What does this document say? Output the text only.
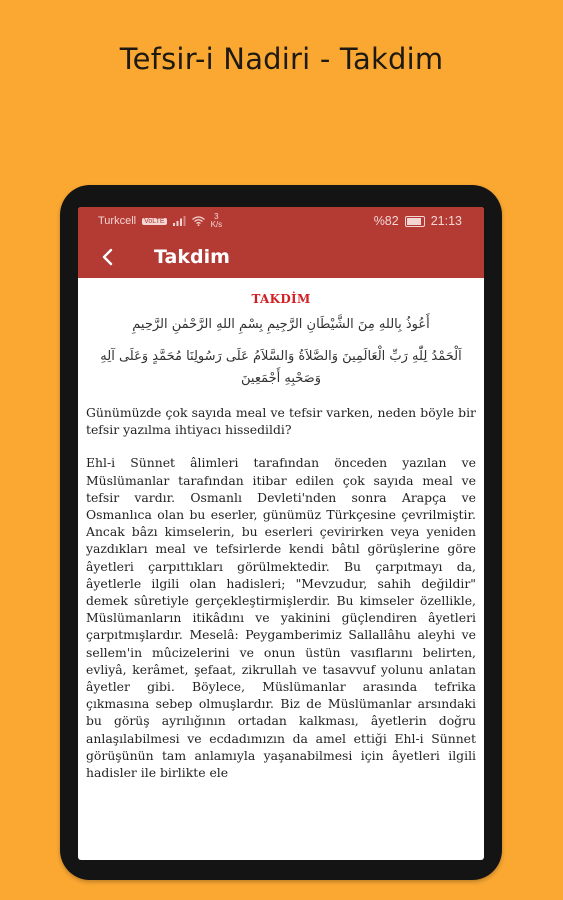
Tefsir-i Nadiri - Takdim
Turkcell VoLTE	3
K/s	%82	21:13
Takdim
TAKDİM
أَعُوذُ بِاللهِ مِنَ الشَّيْطَانِ الرَّجِيمِ بِسْمِ اللهِ الرَّحْمٰنِ الرَّحِيمِ
اَلْحَمْدُ لِلّٰهِ رَبِّ الْعَالَمِينَ وَالصَّلاَةُ وَالسَّلاَمُ عَلَى رَسُولِنَا مُحَمَّدٍ وَعَلَى آلِهِ وَصَحْبِهِ أَجْمَعِينَ

Günümüzde çok sayıda meal ve tefsir varken, neden böyle bir tefsir yazılma ihtiyacı hissedildi?

Ehl-i Sünnet âlimleri tarafından önceden yazılan ve Müslümanlar tarafından itibar edilen çok sayıda meal ve tefsir vardır. Osmanlı Devleti'nden sonra Arapça ve Osmanlıca olan bu eserler, günümüz Türkçesine çevrilmiştir. Ancak bâzı kimselerin, bu eserleri çevirirken veya yeniden yazdıkları meal ve tefsirlerde kendi bâtıl görüşlerine göre âyetleri çarpıttıkları görülmektedir. Bu çarpıtmayı da, âyetlerle ilgili olan hadisleri; "Mevzudur, sahih değildir" demek sûretiyle gerçekleştirmişlerdir. Bu kimseler özellikle, Müslümanların itikâdını ve yakinini güçlendiren âyetleri çarpıtmışlardır. Meselâ: Peygamberimiz Sallallâhu aleyhi ve sellem'in mûcizelerini ve onun üstün vasıflarını belirten, evliyâ, kerâmet, şefaat, zikrullah ve tasavvuf yolunu anlatan âyetler gibi. Böylece, Müslümanlar arasında tefrika çıkmasına sebep olmuşlardır. Biz de Müslümanlar arsındaki bu görüş ayrılığının ortadan kalkması, âyetlerin doğru anlaşılabilmesi ve ecdadımızın da amel ettiği Ehl-i Sünnet görüşünün tam anlamıyla yaşanabilmesi için âyetleri ilgili hadisler ile birlikte ele
